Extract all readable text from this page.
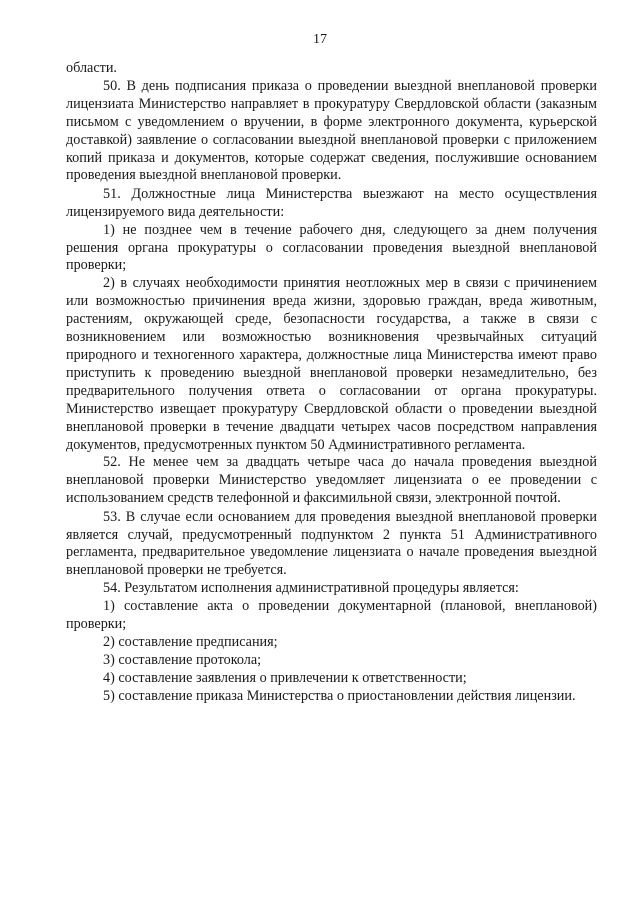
17

области.

50. В день подписания приказа о проведении выездной внеплановой проверки лицензиата Министерство направляет в прокуратуру Свердловской области (заказным письмом с уведомлением о вручении, в форме электронного документа, курьерской доставкой) заявление о согласовании выездной внеплановой проверки с приложением копий приказа и документов, которые содержат сведения, послужившие основанием проведения выездной внеплановой проверки.

51. Должностные лица Министерства выезжают на место осуществления лицензируемого вида деятельности:

1) не позднее чем в течение рабочего дня, следующего за днем получения решения органа прокуратуры о согласовании проведения выездной внеплановой проверки;

2) в случаях необходимости принятия неотложных мер в связи с причинением или возможностью причинения вреда жизни, здоровью граждан, вреда животным, растениям, окружающей среде, безопасности государства, а также в связи с возникновением или возможностью возникновения чрезвычайных ситуаций природного и техногенного характера, должностные лица Министерства имеют право приступить к проведению выездной внеплановой проверки незамедлительно, без предварительного получения ответа о согласовании от органа прокуратуры. Министерство извещает прокуратуру Свердловской области о проведении выездной внеплановой проверки в течение двадцати четырех часов посредством направления документов, предусмотренных пунктом 50 Административного регламента.

52. Не менее чем за двадцать четыре часа до начала проведения выездной внеплановой проверки Министерство уведомляет лицензиата о ее проведении с использованием средств телефонной и факсимильной связи, электронной почтой.

53. В случае если основанием для проведения выездной внеплановой проверки является случай, предусмотренный подпунктом 2 пункта 51 Административного регламента, предварительное уведомление лицензиата о начале проведения выездной внеплановой проверки не требуется.

54. Результатом исполнения административной процедуры является:

1) составление акта о проведении документарной (плановой, внеплановой) проверки;

2) составление предписания;

3) составление протокола;

4) составление заявления о привлечении к ответственности;

5) составление приказа Министерства о приостановлении действия лицензии.
